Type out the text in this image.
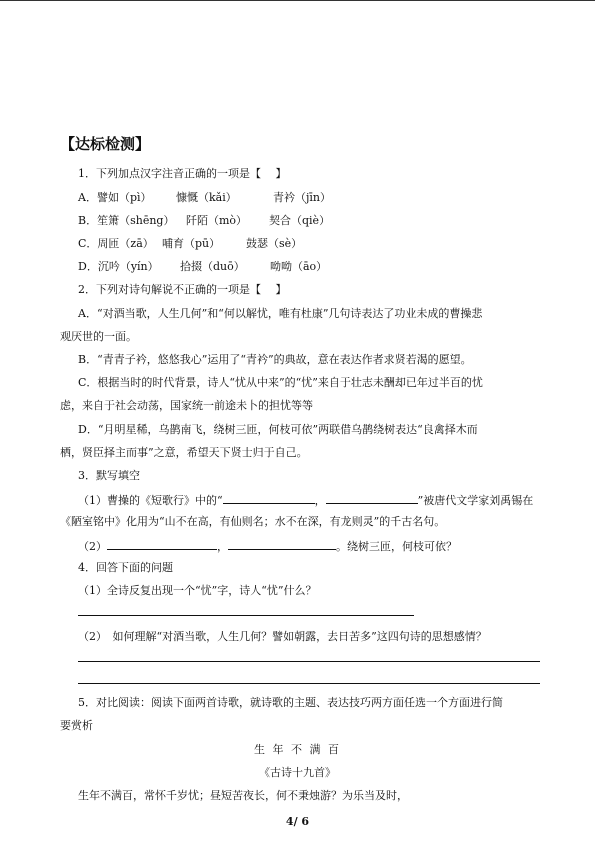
【达标检测】
1．下列加点汉字注音正确的一项是【 　】
A．譬如（pì） 慷慨（kǎi）	青衿（jīn）
B．笙箫（shēng） 阡陌（mò） 契合（qiè）
C．周匝（zā） 哺育（pū） 鼓瑟（sè）
D．沉吟（yín） 拾掇（duō） 呦呦（āo）
2．下列对诗句解说不正确的一项是【 　】
A．“对酒当歌，人生几何”和“何以解忧，唯有杜康”几句诗表达了功业未成的曹操悲
观厌世的一面。
B．“青青子衿，悠悠我心”运用了“青衿”的典故，意在表达作者求贤若渴的愿望。
C．根据当时的时代背景，诗人“忧从中来”的“忧”来自于壮志未酬却已年过半百的忧
虑，来自于社会动荡，国家统一前途未卜的担忧等等
D．“月明星稀，乌鹊南飞，绕树三匝，何枝可依”两联借乌鹊绕树表达“良禽择木而
栖，贤臣择主而事”之意，希望天下贤士归于自己。
3．默写填空
（1）曹操的《短歌行》中的“	，	”被唐代文学家刘禹锡在
《陋室铭中》化用为“山不在高，有仙则名；水不在深，有龙则灵”的千古名句。
（2）	，	。绕树三匝，何枝可依？
4．回答下面的问题
（1）全诗反复出现一个“忧”字，诗人“忧”什么？
（2）　如何理解“对酒当歌，人生几何？譬如朝露，去日苦多”这四句诗的思想感情？
5．对比阅读：阅读下面两首诗歌，就诗歌的主题、表达技巧两方面任选一个方面进行简
要赏析
生 年 不 满 百
《古诗十九首》
生年不满百，常怀千岁忧；昼短苦夜长，何不秉烛游？为乐当及时，
4/ 6
